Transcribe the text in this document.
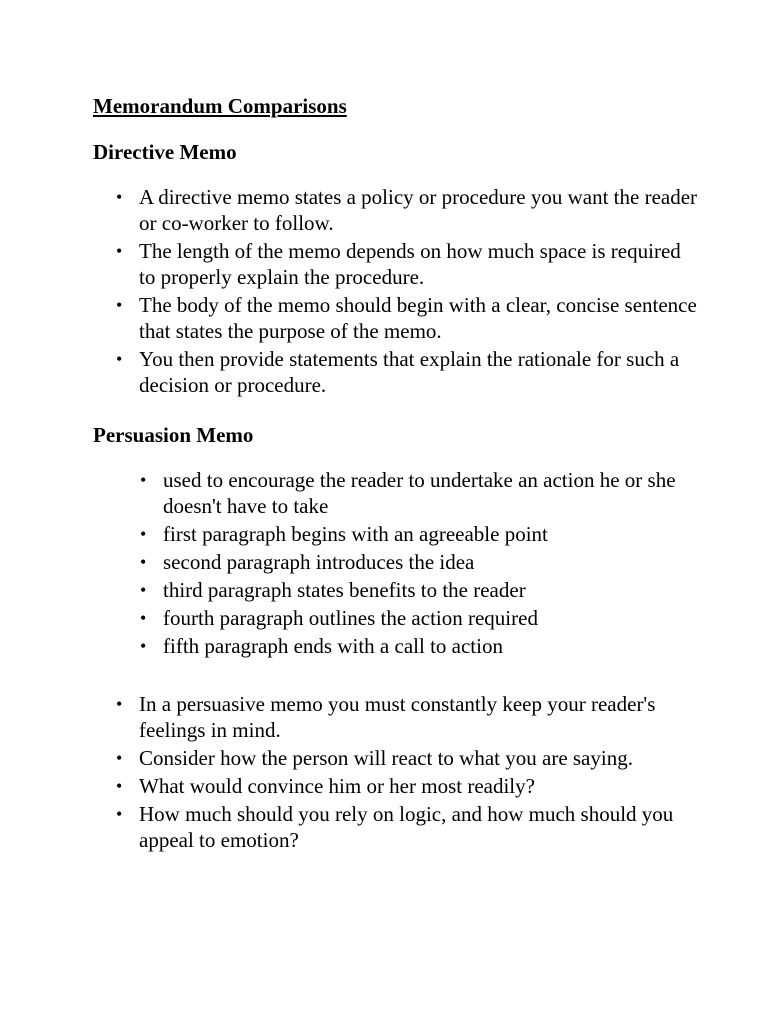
Memorandum Comparisons
Directive Memo
• A directive memo states a policy or procedure you want the reader or co-worker to follow.
• The length of the memo depends on how much space is required to properly explain the procedure.
• The body of the memo should begin with a clear, concise sentence that states the purpose of the memo.
• You then provide statements that explain the rationale for such a decision or procedure.
Persuasion Memo
• used to encourage the reader to undertake an action he or she doesn't have to take
• first paragraph begins with an agreeable point
• second paragraph introduces the idea
• third paragraph states benefits to the reader
• fourth paragraph outlines the action required
• fifth paragraph ends with a call to action
• In a persuasive memo you must constantly keep your reader's feelings in mind.
• Consider how the person will react to what you are saying.
• What would convince him or her most readily?
• How much should you rely on logic, and how much should you appeal to emotion?
